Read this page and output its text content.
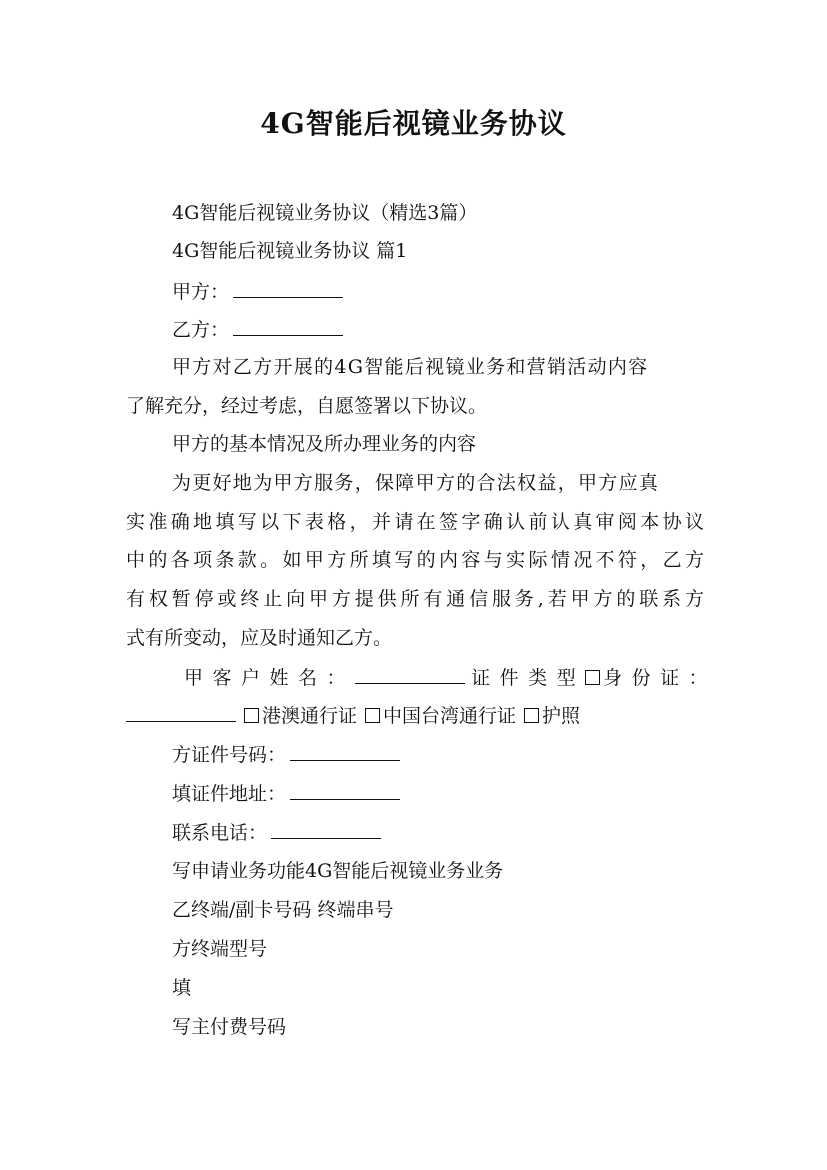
4G智能后视镜业务协议
4G智能后视镜业务协议（精选3篇）
4G智能后视镜业务协议 篇1
甲方：
乙方：
甲方对乙方开展的4G智能后视镜业务和营销活动内容
了解充分，经过考虑，自愿签署以下协议。
甲方的基本情况及所办理业务的内容
为更好地为甲方服务，保障甲方的合法权益，甲方应真
实准确地填写以下表格，并请在签字确认前认真审阅本协议
中的各项条款。如甲方所填写的内容与实际情况不符，乙方
有权暂停或终止向甲方提供所有通信服务,若甲方的联系方
式有所变动，应及时通知乙方。
甲客户姓名：	证件类型 身份证：
港澳通行证 中国台湾通行证 护照
方证件号码：
填证件地址：
联系电话：
写申请业务功能4G智能后视镜业务业务
乙终端/副卡号码 终端串号
方终端型号
填
写主付费号码
